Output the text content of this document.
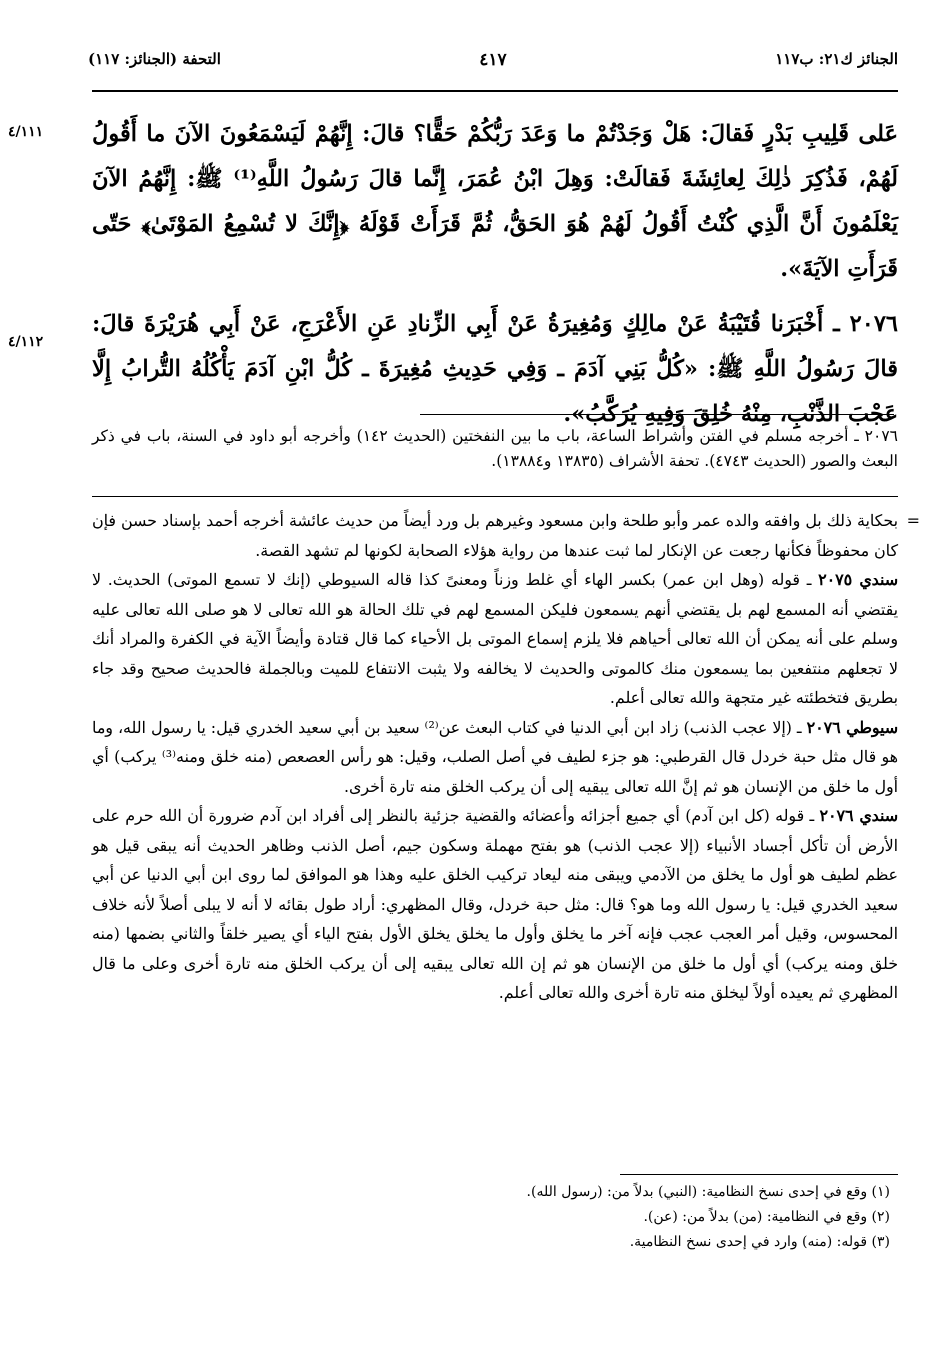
الجنائز ك٢١: ب١١٧
٤١٧
التحفة (الجنائز: ١١٧)
٤/١١١
٤/١١٢

عَلى قَلِيبِ بَدْرٍ فَقالَ: هَلْ وَجَدْتُمْ ما وَعَدَ رَبُّكُمْ حَقًّا؟ قالَ: إِنَّهُمْ لَيَسْمَعُونَ الآنَ ما أَقُولُ لَهُمْ، فَذُكِرَ ذٰلِكَ لِعائِشَةَ فَقالَتْ: وَهِلَ ابْنُ عُمَرَ، إِنَّما قالَ رَسُولُ اللَّهِ⁽¹⁾ ﷺ: إِنَّهُمُ الآنَ يَعْلَمُونَ أَنَّ الَّذِي كُنْتُ أَقُولُ لَهُمْ هُوَ الحَقُّ، ثُمَّ قَرَأَتْ قَوْلَهُ ﴿إِنَّكَ لا تُسْمِعُ المَوْتَىٰ﴾ حَتّى قَرَأَتِ الآيَةَ».

٢٠٧٦ ـ أَخْبَرَنا قُتَيْبَةُ عَنْ مالِكٍ وَمُغِيرَةُ عَنْ أَبِي الزِّنادِ عَنِ الأَعْرَجِ، عَنْ أَبِي هُرَيْرَةَ قالَ: قالَ رَسُولُ اللَّهِ ﷺ: «كُلُّ بَنِي آدَمَ ـ وَفِي حَدِيثِ مُغِيرَةَ ـ كُلُّ ابْنِ آدَمَ يَأْكُلُهُ التُّرابُ إِلَّا عَجْبَ الذَّنْبِ، مِنْهُ خُلِقَ وَفِيهِ يُرَكَّبُ».

٢٠٧٦ ـ أخرجه مسلم في الفتن وأشراط الساعة، باب ما بين النفختين (الحديث ١٤٢) وأخرجه أبو داود في السنة، باب في ذكر البعث والصور (الحديث ٤٧٤٣). تحفة الأشراف (١٣٨٣٥ و١٣٨٨٤).
=

بحكاية ذلك بل وافقه والده عمر وأبو طلحة وابن مسعود وغيرهم بل ورد أيضاً من حديث عائشة أخرجه أحمد بإسناد حسن فإن كان محفوظاً فكأنها رجعت عن الإنكار لما ثبت عندها من رواية هؤلاء الصحابة لكونها لم تشهد القصة.

سندي ٢٠٧٥ ـ قوله (وهل ابن عمر) بكسر الهاء أي غلط وزناً ومعنىً كذا قاله السيوطي (إنك لا تسمع الموتى) الحديث. لا يقتضي أنه المسمع لهم بل يقتضي أنهم يسمعون فليكن المسمع لهم في تلك الحالة هو الله تعالى لا هو صلى الله تعالى عليه وسلم على أنه يمكن أن الله تعالى أحياهم فلا يلزم إسماع الموتى بل الأحياء كما قال قتادة وأيضاً الآية في الكفرة والمراد أنك لا تجعلهم منتفعين بما يسمعون منك كالموتى والحديث لا يخالفه ولا يثبت الانتفاع للميت وبالجملة فالحديث صحيح وقد جاء بطريق فتخطئته غير متجهة والله تعالى أعلم.

سيوطي ٢٠٧٦ ـ (إلا عجب الذنب) زاد ابن أبي الدنيا في كتاب البعث عن⁽²⁾ سعيد بن أبي سعيد الخدري قيل: يا رسول الله، وما هو قال مثل حبة خردل قال القرطبي: هو جزء لطيف في أصل الصلب، وقيل: هو رأس العصعص (منه خلق ومنه⁽³⁾ يركب) أي أول ما خلق من الإنسان هو ثم إنَّ الله تعالى يبقيه إلى أن يركب الخلق منه تارة أخرى.

سندي ٢٠٧٦ ـ قوله (كل ابن آدم) أي جميع أجزائه وأعضائه والقضية جزئية بالنظر إلى أفراد ابن آدم ضرورة أن الله حرم على الأرض أن تأكل أجساد الأنبياء (إلا عجب الذنب) هو بفتح مهملة وسكون جيم، أصل الذنب وظاهر الحديث أنه يبقى قيل هو عظم لطيف هو أول ما يخلق من الآدمي ويبقى منه ليعاد تركيب الخلق عليه وهذا هو الموافق لما روى ابن أبي الدنيا عن أبي سعيد الخدري قيل: يا رسول الله وما هو؟ قال: مثل حبة خردل، وقال المظهري: أراد طول بقائه لا أنه لا يبلى أصلاً لأنه خلاف المحسوس، وقيل أمر العجب عجب فإنه آخر ما يخلق وأول ما يخلق يخلق الأول بفتح الياء أي يصير خلقاً والثاني بضمها (منه خلق ومنه يركب) أي أول ما خلق من الإنسان هو ثم إن الله تعالى يبقيه إلى أن يركب الخلق منه تارة أخرى وعلى ما قال المظهري ثم يعيده أولاً ليخلق منه تارة أخرى والله تعالى أعلم.

(١) وقع في إحدى نسخ النظامية: (النبي) بدلاً من: (رسول الله).
(٢) وقع في النظامية: (من) بدلاً من: (عن).
(٣) قوله: (منه) وارد في إحدى نسخ النظامية.
